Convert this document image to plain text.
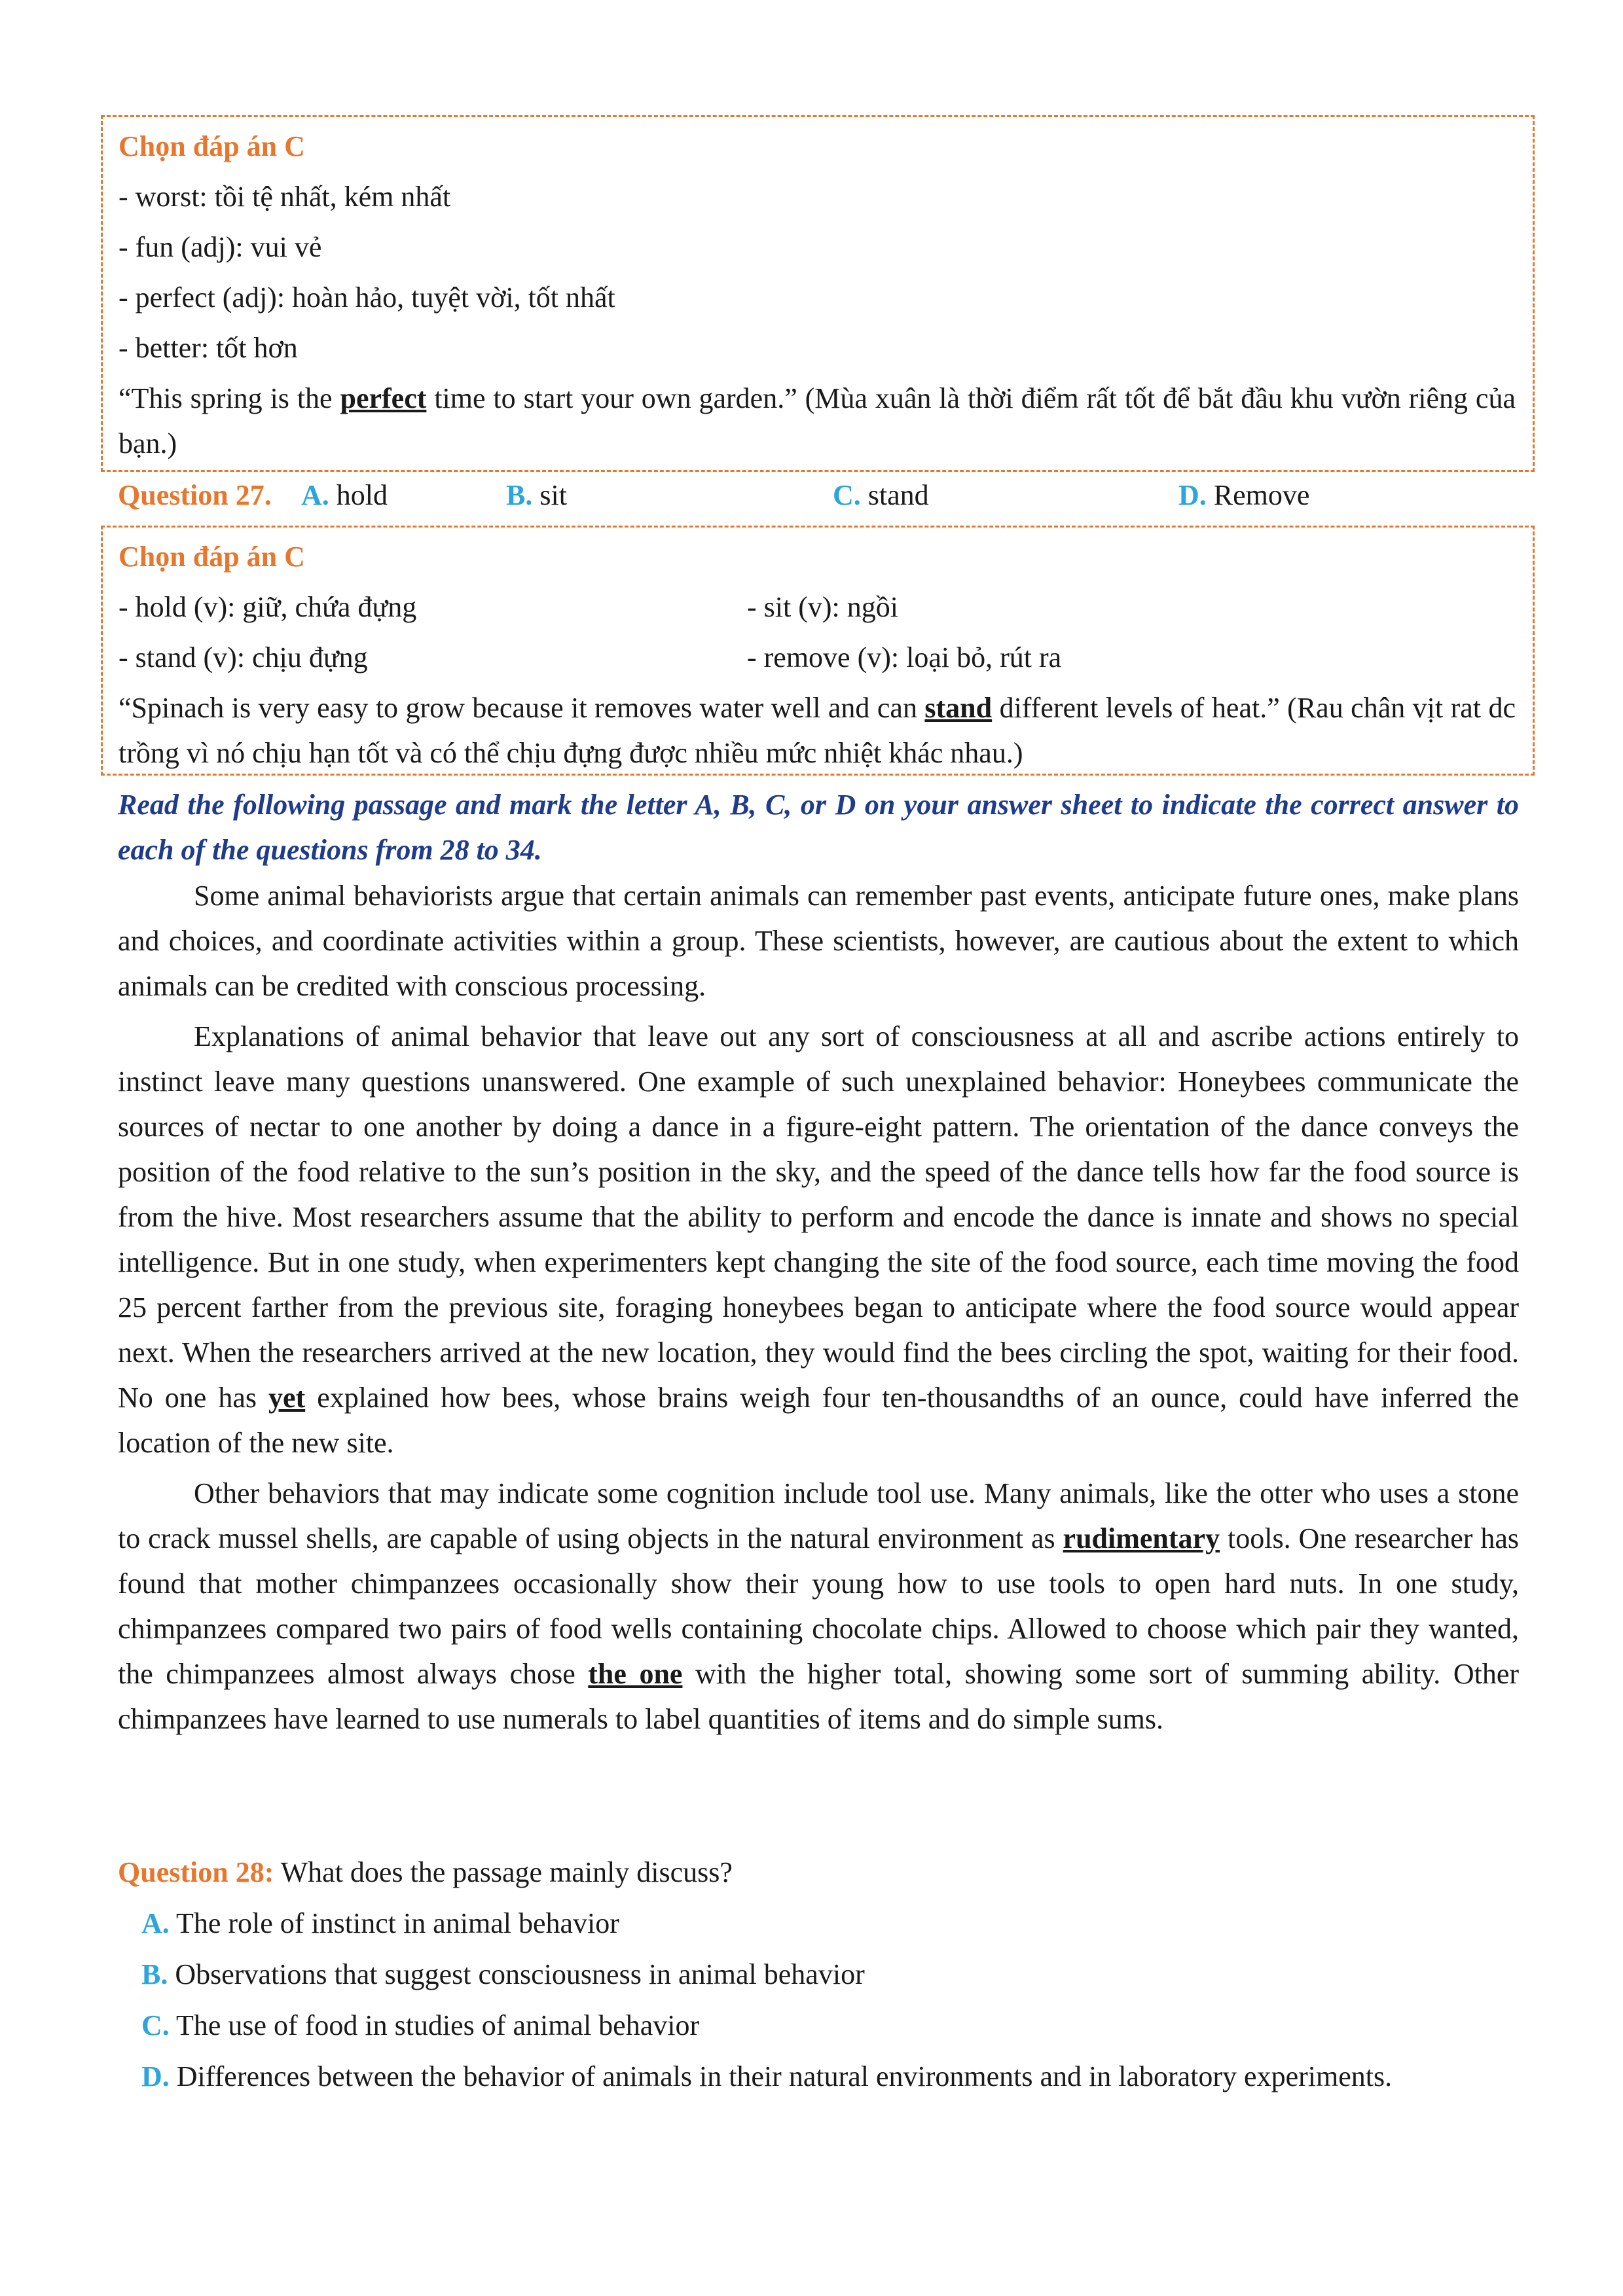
Chọn đáp án C
- worst: tồi tệ nhất, kém nhất
- fun (adj): vui vẻ
- perfect (adj): hoàn hảo, tuyệt vời, tốt nhất
- better: tốt hơn
“This spring is the perfect time to start your own garden.” (Mùa xuân là thời điểm rất tốt để bắt đầu khu vườn riêng của bạn.)
Question 27. A. hold	B. sit	C. stand	D. Remove
Chọn đáp án C
- hold (v): giữ, chứa đựng	- sit (v): ngồi
- stand (v): chịu đựng	- remove (v): loại bỏ, rút ra
“Spinach is very easy to grow because it removes water well and can stand different levels of heat.” (Rau chân vịt rat dc trồng vì nó chịu hạn tốt và có thể chịu đựng được nhiều mức nhiệt khác nhau.)
Read the following passage and mark the letter A, B, C, or D on your answer sheet to indicate the correct answer to each of the questions from 28 to 34.

Some animal behaviorists argue that certain animals can remember past events, anticipate future ones, make plans and choices, and coordinate activities within a group. These scientists, however, are cautious about the extent to which animals can be credited with conscious processing.

Explanations of animal behavior that leave out any sort of consciousness at all and ascribe actions entirely to instinct leave many questions unanswered. One example of such unexplained behavior: Honeybees communicate the sources of nectar to one another by doing a dance in a figure-eight pattern. The orientation of the dance conveys the position of the food relative to the sun’s position in the sky, and the speed of the dance tells how far the food source is from the hive. Most researchers assume that the ability to perform and encode the dance is innate and shows no special intelligence. But in one study, when experimenters kept changing the site of the food source, each time moving the food 25 percent farther from the previous site, foraging honeybees began to anticipate where the food source would appear next. When the researchers arrived at the new location, they would find the bees circling the spot, waiting for their food. No one has yet explained how bees, whose brains weigh four ten-thousandths of an ounce, could have inferred the location of the new site.

Other behaviors that may indicate some cognition include tool use. Many animals, like the otter who uses a stone to crack mussel shells, are capable of using objects in the natural environment as rudimentary tools. One researcher has found that mother chimpanzees occasionally show their young how to use tools to open hard nuts. In one study, chimpanzees compared two pairs of food wells containing chocolate chips. Allowed to choose which pair they wanted, the chimpanzees almost always chose the one with the higher total, showing some sort of summing ability. Other chimpanzees have learned to use numerals to label quantities of items and do simple sums.

Question 28: What does the passage mainly discuss?
A. The role of instinct in animal behavior
B. Observations that suggest consciousness in animal behavior
C. The use of food in studies of animal behavior
D. Differences between the behavior of animals in their natural environments and in laboratory experiments.
